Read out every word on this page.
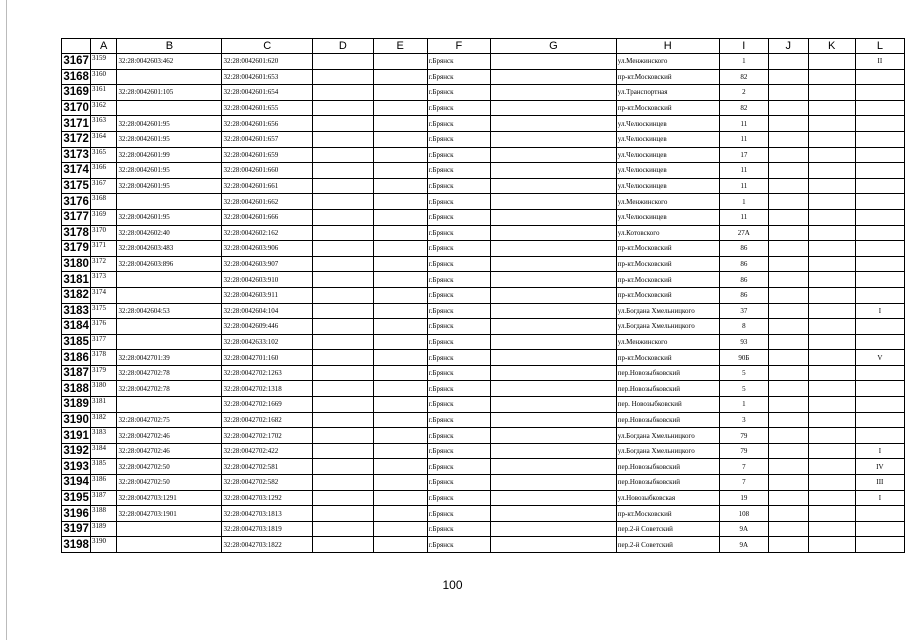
	A	B	C	D	E	F	G	H	I	J	K	L
3167	3159	32:28:0042603:462	32:28:0042601:620			г.Брянск		ул.Менжинского	1			II
3168	3160		32:28:0042601:653			г.Брянск		пр-кт.Московский	82			
3169	3161	32:28:0042601:105	32:28:0042601:654			г.Брянск		ул.Транспортная	2			
3170	3162		32:28:0042601:655			г.Брянск		пр-кт.Московский	82			
3171	3163	32:28:0042601:95	32:28:0042601:656			г.Брянск		ул.Челюскинцев	11			
3172	3164	32:28:0042601:95	32:28:0042601:657			г.Брянск		ул.Челюскинцев	11			
3173	3165	32:28:0042601:99	32:28:0042601:659			г.Брянск		ул.Челюскинцев	17			
3174	3166	32:28:0042601:95	32:28:0042601:660			г.Брянск		ул.Челюскинцев	11			
3175	3167	32:28:0042601:95	32:28:0042601:661			г.Брянск		ул.Челюскинцев	11			
3176	3168		32:28:0042601:662			г.Брянск		ул.Менжинского	1			
3177	3169	32:28:0042601:95	32:28:0042601:666			г.Брянск		ул.Челюскинцев	11			
3178	3170	32:28:0042602:40	32:28:0042602:162			г.Брянск		ул.Котовского	27А			
3179	3171	32:28:0042603:483	32:28:0042603:906			г.Брянск		пр-кт.Московский	86			
3180	3172	32:28:0042603:896	32:28:0042603:907			г.Брянск		пр-кт.Московский	86			
3181	3173		32:28:0042603:910			г.Брянск		пр-кт.Московский	86			
3182	3174		32:28:0042603:911			г.Брянск		пр-кт.Московский	86			
3183	3175	32:28:0042604:53	32:28:0042604:104			г.Брянск		ул.Богдана Хмельницкого	37			I
3184	3176		32:28:0042609:446			г.Брянск		ул.Богдана Хмельницкого	8			
3185	3177		32:28:0042633:102			г.Брянск		ул.Менжинского	93			
3186	3178	32:28:0042701:39	32:28:0042701:160			г.Брянск		пр-кт.Московский	90Б			V
3187	3179	32:28:0042702:78	32:28:0042702:1263			г.Брянск		пер.Новозыбковский	5			
3188	3180	32:28:0042702:78	32:28:0042702:1318			г.Брянск		пер.Новозыбковский	5			
3189	3181		32:28:0042702:1669			г.Брянск		пер. Новозыбковский	1			
3190	3182	32:28:0042702:75	32:28:0042702:1682			г.Брянск		пер.Новозыбковский	3			
3191	3183	32:28:0042702:46	32:28:0042702:1702			г.Брянск		ул.Богдана Хмельницкого	79			
3192	3184	32:28:0042702:46	32:28:0042702:422			г.Брянск		ул.Богдана Хмельницкого	79			I
3193	3185	32:28:0042702:50	32:28:0042702:581			г.Брянск		пер.Новозыбковский	7			IV
3194	3186	32:28:0042702:50	32:28:0042702:582			г.Брянск		пер.Новозыбковский	7			III
3195	3187	32:28:0042703:1291	32:28:0042703:1292			г.Брянск		ул.Новозыбковская	19			I
3196	3188	32:28:0042703:1901	32:28:0042703:1813			г.Брянск		пр-кт.Московский	108			
3197	3189		32:28:0042703:1819			г.Брянск		пер.2-й Советский	9А			
3198	3190		32:28:0042703:1822			г.Брянск		пер.2-й Советский	9А			
100
